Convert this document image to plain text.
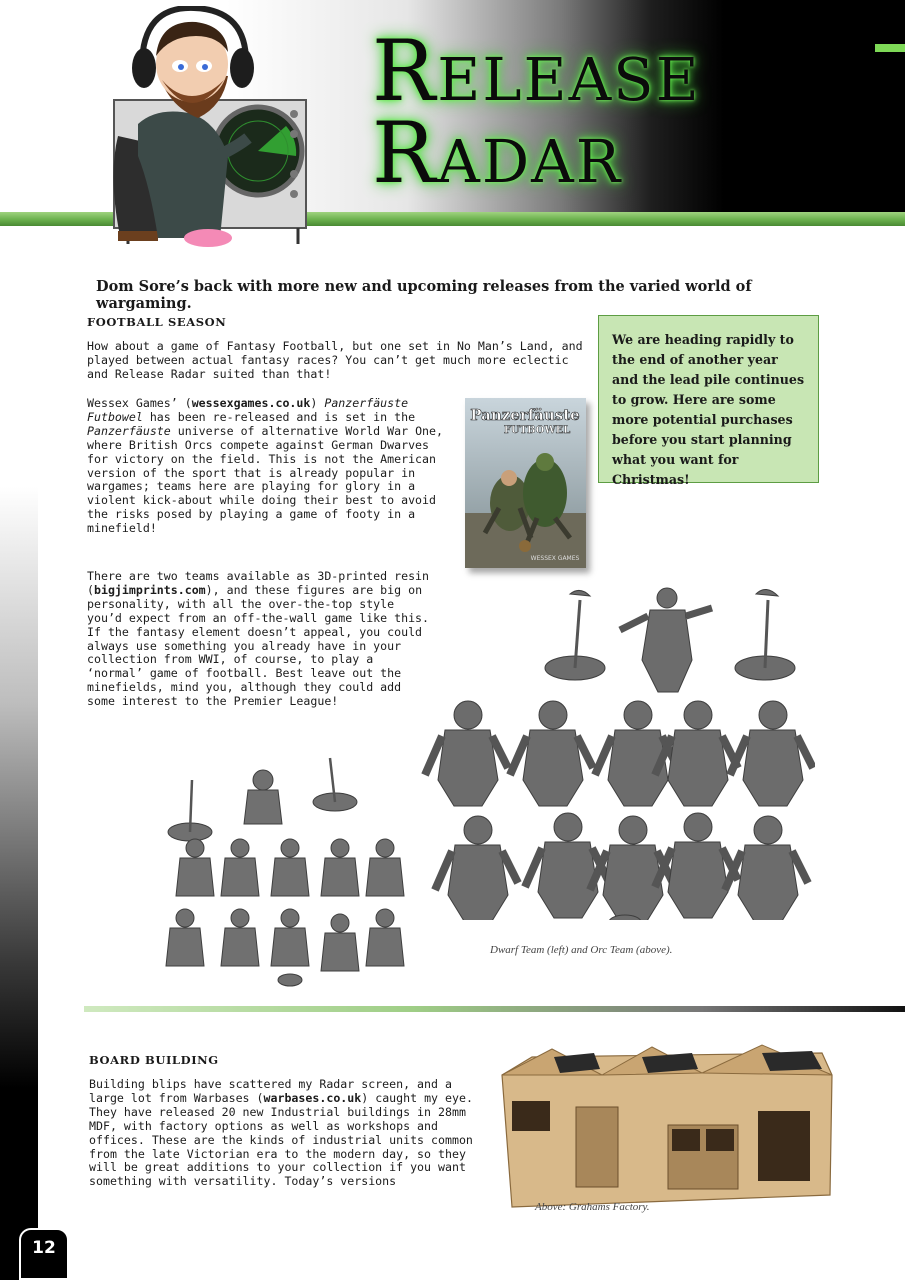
Release
Radar
Dom Sore’s back with more new and upcoming releases from the varied world of wargaming.
FOOTBALL SEASON

How about a game of Fantasy Football, but one set in No Man’s Land, and played between actual fantasy races? You can’t get much more eclectic and Release Radar suited than that!

Wessex Games’ (wessexgames.co.uk) Panzerfäuste Futbowel has been re-released and is set in the Panzerfäuste universe of alternative World War One, where British Orcs compete against German Dwarves for victory on the field. This is not the American version of the sport that is already popular in wargames; teams here are playing for glory in a violent kick-about while doing their best to avoid the risks posed by playing a game of footy in a minefield!

There are two teams available as 3D-printed resin (bigjimprints.com), and these figures are big on personality, with all the over-the-top style you’d expect from an off-the-wall game like this. If the fantasy element doesn’t appeal, you could always use something you already have in your collection from WWI, of course, to play a ‘normal’ game of football. Best leave out the minefields, mind you, although they could add some interest to the Premier League!

We are heading rapidly to the end of another year and the lead pile continues to grow. Here are some more potential purchases before you start planning what you want for Christmas!
Panzerfäuste
FUTBOWEL
WESSEX GAMES
Dwarf Team (left) and Orc Team (above).
BOARD BUILDING

Building blips have scattered my Radar screen, and a large lot from Warbases (warbases.co.uk) caught my eye. They have released 20 new Industrial buildings in 28mm MDF, with factory options as well as workshops and offices. These are the kinds of industrial units common from the late Victorian era to the modern day, so they will be great additions to your collection if you want something with versatility. Today’s versions

Above: Grahams Factory.
12
